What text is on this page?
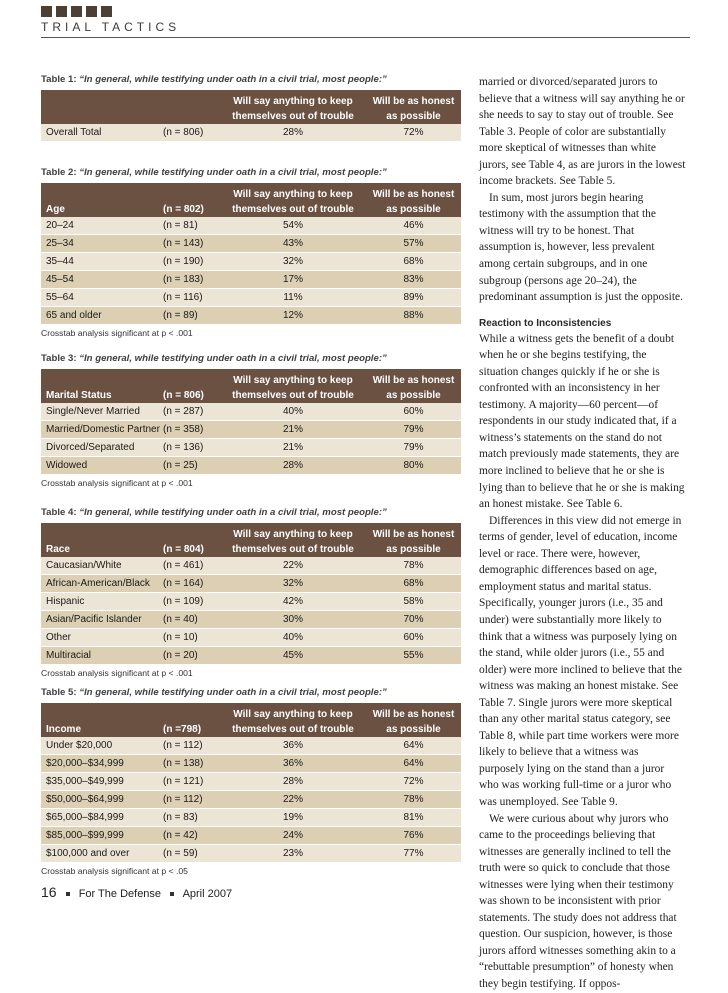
TRIAL TACTICS
Table 1: “In general, while testifying under oath in a civil trial, most people:”
Will say anything to keep themselves out of trouble
Will be as honest as possible
Overall Total	(n = 806)	28%	72%
Table 2: “In general, while testifying under oath in a civil trial, most people:”
Age	(n = 802)
Will say anything to keep themselves out of trouble
Will be as honest as possible
20–24	(n = 81)	54%	46%
25–34	(n = 143)	43%	57%
35–44	(n = 190)	32%	68%
45–54	(n = 183)	17%	83%
55–64	(n = 116)	11%	89%
65 and older	(n = 89)	12%	88%
Crosstab analysis significant at p < .001
Table 3: “In general, while testifying under oath in a civil trial, most people:”
Marital Status	(n = 806)
Will say anything to keep themselves out of trouble
Will be as honest as possible
Single/Never Married (n = 287)	40%	60%
Married/Domestic Partner (n = 358)	21%	79%
Divorced/Separated	(n = 136)	21%	79%
Widowed	(n = 25)	28%	80%
Crosstab analysis significant at p < .001
Table 4: “In general, while testifying under oath in a civil trial, most people:”
Race	(n = 804)
Will say anything to keep themselves out of trouble
Will be as honest as possible
Caucasian/White	(n = 461)	22%	78%
African-American/Black (n = 164)	32%	68%
Hispanic	(n = 109)	42%	58%
Asian/Pacific Islander (n = 40)	30%	70%
Other	(n = 10)	40%	60%
Multiracial	(n = 20)	45%	55%
Crosstab analysis significant at p < .001
Table 5: “In general, while testifying under oath in a civil trial, most people:”
Income	(n =798)
Will say anything to keep themselves out of trouble
Will be as honest as possible
Under $20,000	(n = 112)	36%	64%
$20,000–$34,999	(n = 138)	36%	64%
$35,000–$49,999	(n = 121)	28%	72%
$50,000–$64,999	(n = 112)	22%	78%
$65,000–$84,999	(n = 83)	19%	81%
$85,000–$99,999	(n = 42)	24%	76%
$100,000 and over	(n = 59)	23%	77%
Crosstab analysis significant at p < .05

married or divorced/separated jurors to believe that a witness will say anything he or she needs to say to stay out of trouble. See Table 3. People of color are substantially more skeptical of witnesses than white jurors, see Table 4, as are jurors in the lowest income brackets. See Table 5.

In sum, most jurors begin hearing testimony with the assumption that the witness will try to be honest. That assumption is, however, less prevalent among certain subgroups, and in one subgroup (persons age 20–24), the predominant assumption is just the opposite.

Reaction to Inconsistencies

While a witness gets the benefit of a doubt when he or she begins testifying, the situation changes quickly if he or she is confronted with an inconsistency in her testimony. A majority—60 percent—of respondents in our study indicated that, if a witness’s statements on the stand do not match previously made statements, they are more inclined to believe that he or she is lying than to believe that he or she is making an honest mistake. See Table 6.

Differences in this view did not emerge in terms of gender, level of education, income level or race. There were, however, demographic differences based on age, employment status and marital status. Specifically, younger jurors (i.e., 35 and under) were substantially more likely to think that a witness was purposely lying on the stand, while older jurors (i.e., 55 and older) were more inclined to believe that the witness was making an honest mistake. See Table 7. Single jurors were more skeptical than any other marital status category, see Table 8, while part time workers were more likely to believe that a witness was purposely lying on the stand than a juror who was working full-time or a juror who was unemployed. See Table 9.

We were curious about why jurors who came to the proceedings believing that witnesses are generally inclined to tell the truth were so quick to conclude that those witnesses were lying when their testimony was shown to be inconsistent with prior statements. The study does not address that question. Our suspicion, however, is those jurors afford witnesses something akin to a “rebuttable presumption” of honesty when they begin testifying. If oppos-

16 For The Defense April 2007
